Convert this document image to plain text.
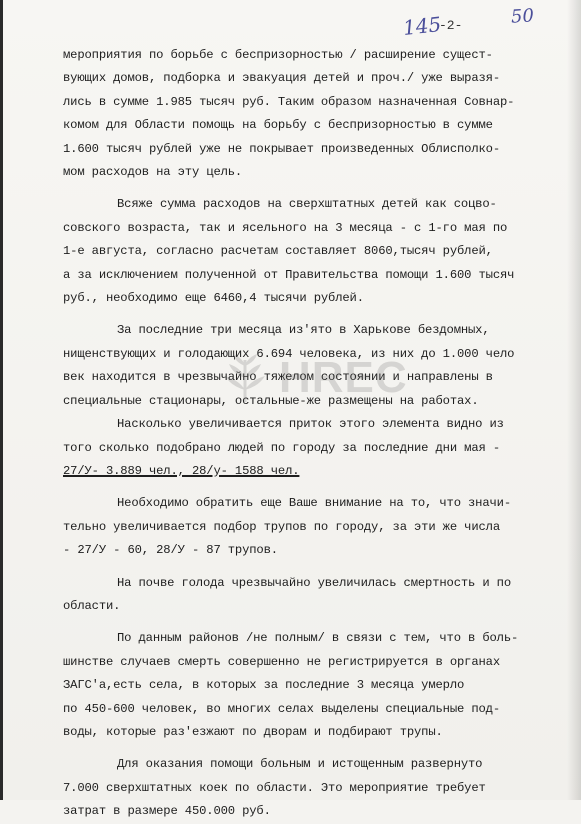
145
-2-	50
мероприятия по борьбе с беспризорностью / расширение сущест-
вующих домов, подборка и эвакуация детей и проч./ уже выразя-
лись в сумме 1.985 тысяч руб. Таким образом назначенная Совнар-
комом для Области помощь на борьбу с беспризорностью в сумме
1.600 тысяч рублей уже не покрывает произведенных Облисполко-
мом расходов на эту цель.
Всяже сумма расходов на сверхштатных детей как соцво-
совского возраста, так и ясельного на 3 месяца - с 1-го мая по
1-е августа, согласно расчетам составляет 8060,тысяч рублей,
а за исключением полученной от Правительства помощи 1.600 тысяч
руб., необходимо еще 6460,4 тысячи рублей.
За последние три месяца из'ято в Харькове бездомных,
нищенствующих и голодающих 6.694 человека, из них до 1.000 чело
век находится в чрезвычайно тяжелом состоянии и направлены в
специальные стационары, остальные-же размещены на работах.
Насколько увеличивается приток этого элемента видно из
того сколько подобрано людей по городу за последние дни мая -
27/У- 3.889 чел., 28/у- 1588 чел.
Необходимо обратить еще Ваше внимание на то, что значи-
тельно увеличивается подбор трупов по городу, за эти же числа
- 27/У - 60, 28/У - 87 трупов.
На почве голода чрезвычайно увеличилась смертность и по
области.
По данным районов /не полным/ в связи с тем, что в боль-
шинстве случаев смерть совершенно не регистрируется в органах
ЗАГС'а,есть села, в которых за последние 3 месяца умерло
по 450-600 человек, во многих селах выделены специальные под-
воды, которые раз'езжают по дворам и подбирают трупы.
Для оказания помощи больным и истощенным развернуто
7.000 сверхштатных коек по области. Это мероприятие требует
затрат в размере 450.000 руб.
HREC
